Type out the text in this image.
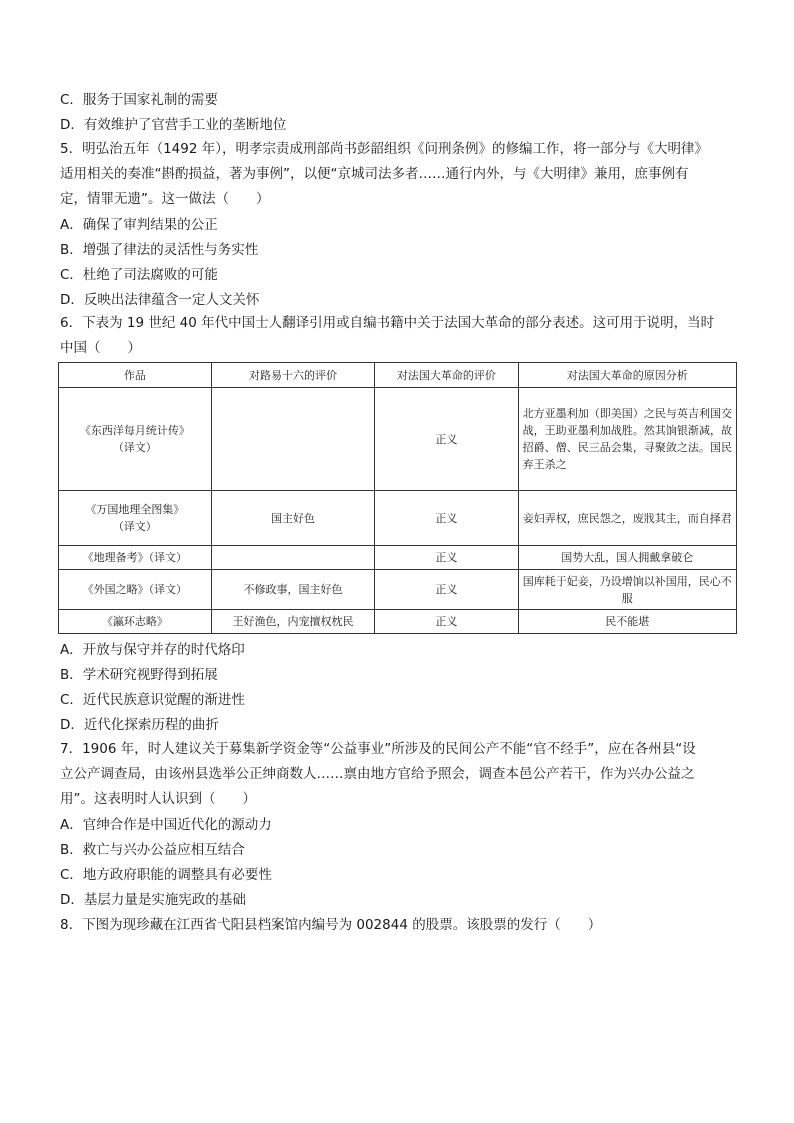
C．服务于国家礼制的需要
D．有效维护了官营手工业的垄断地位
5．明弘治五年（1492 年），明孝宗责成刑部尚书彭韶组织《问刑条例》的修编工作，将一部分与《大明律》
适用相关的奏准“斟酌损益，著为事例”，以便“京城司法多者……通行内外，与《大明律》兼用，庶事例有
定，情罪无遗”。这一做法（　　）
A．确保了审判结果的公正
B．增强了律法的灵活性与务实性
C．杜绝了司法腐败的可能
D．反映出法律蕴含一定人文关怀
6．下表为 19 世纪 40 年代中国士人翻译引用或自编书籍中关于法国大革命的部分表述。这可用于说明，当时
中国（　　）
作品	对路易十六的评价	对法国大革命的评价	对法国大革命的原因分析
《东西洋每月统计传》（译文）		正义	北方亚墨利加（即美国）之民与英吉利国交战，王助亚墨利加战胜。然其饷银渐减，故招爵、僧、民三品会集，寻聚敛之法。国民弃王杀之
《万国地理全图集》（译文）	国主好色	正义	妾妇弄权，庶民怨之，废戕其主，而自择君
《地理备考》（译文）		正义	国势大乱，国人拥戴拿破仑
《外国之略》（译文）	不修政事，国主好色	正义	国库耗于妃妾，乃设增饷以补国用，民心不服
《瀛环志略》	王好渔色，内宠擅权枕民	正义	民不能堪
A．开放与保守并存的时代烙印
B．学术研究视野得到拓展
C．近代民族意识觉醒的渐进性
D．近代化探索历程的曲折
7．1906 年，时人建议关于募集新学资金等“公益事业”所涉及的民间公产不能“官不经手”，应在各州县“设
立公产调查局，由该州县选举公正绅商数人……禀由地方官给予照会，调查本邑公产若干，作为兴办公益之
用”。这表明时人认识到（　　）
A．官绅合作是中国近代化的源动力
B．救亡与兴办公益应相互结合
C．地方政府职能的调整具有必要性
D．基层力量是实施宪政的基础
8．下图为现珍藏在江西省弋阳县档案馆内编号为 002844 的股票。该股票的发行（　　）
